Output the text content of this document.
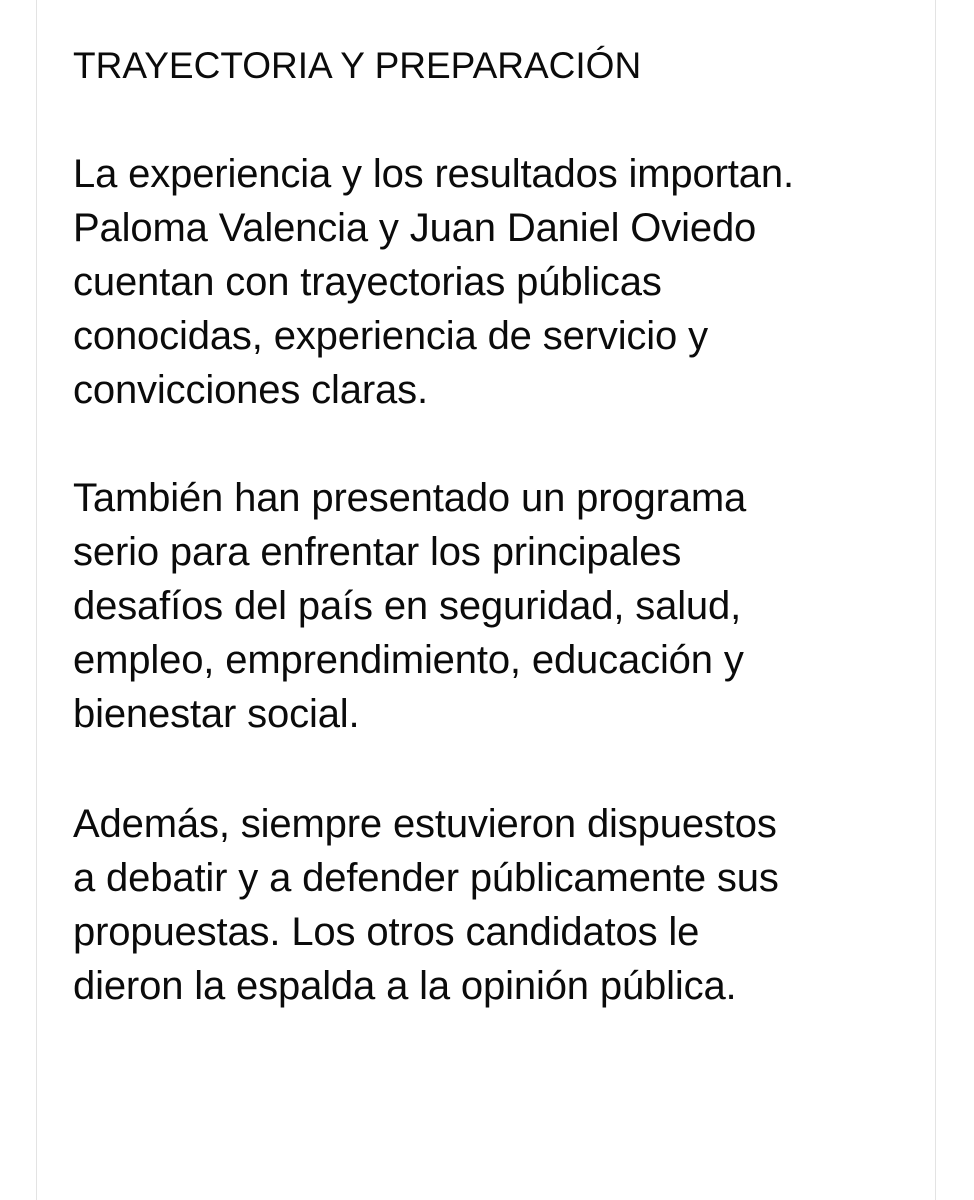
TRAYECTORIA Y PREPARACIÓN

La experiencia y los resultados importan.
Paloma Valencia y Juan Daniel Oviedo
cuentan con trayectorias públicas
conocidas, experiencia de servicio y
convicciones claras.

También han presentado un programa
serio para enfrentar los principales
desafíos del país en seguridad, salud,
empleo, emprendimiento, educación y
bienestar social.

Además, siempre estuvieron dispuestos
a debatir y a defender públicamente sus
propuestas. Los otros candidatos le
dieron la espalda a la opinión pública.
